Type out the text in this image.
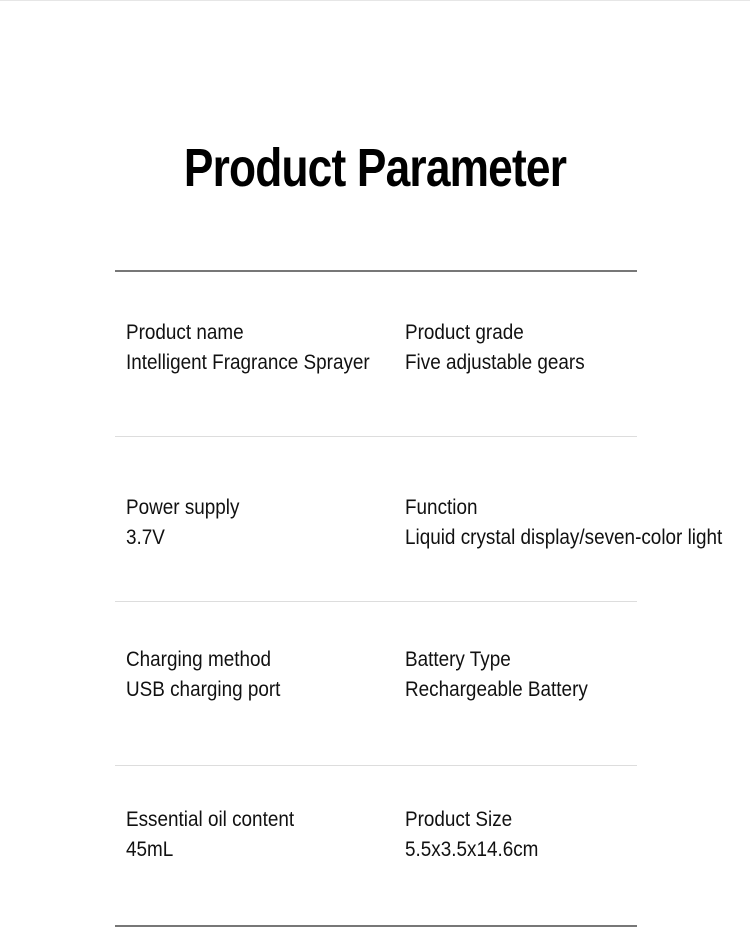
Product Parameter
Product name
Intelligent Fragrance Sprayer
Product grade
Five adjustable gears
Power supply
3.7V
Function
Liquid crystal display/seven-color light
Charging method
USB charging port
Battery Type
Rechargeable Battery
Essential oil content
45mL
Product Size
5.5x3.5x14.6cm
